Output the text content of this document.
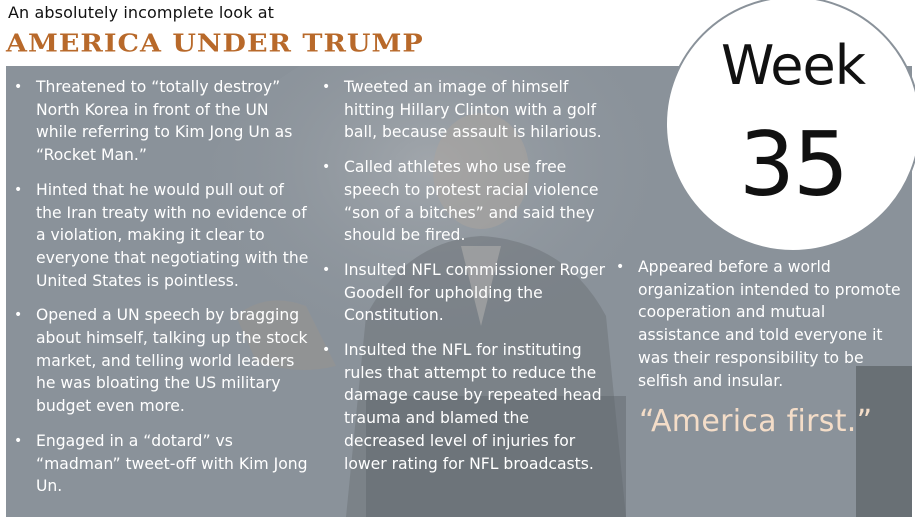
An absolutely incomplete look at
AMERICA UNDER TRUMP
• Threatened to “totally destroy” North Korea in front of the UN while referring to Kim Jong Un as “Rocket Man.”
• Hinted that he would pull out of the Iran treaty with no evidence of a violation, making it clear to everyone that negotiating with the United States is pointless.
• Opened a UN speech by bragging about himself, talking up the stock market, and telling world leaders he was bloating the US military budget even more.
• Engaged in a “dotard” vs “madman” tweet-off with Kim Jong Un.
• Tweeted an image of himself hitting Hillary Clinton with a golf ball, because assault is hilarious.
• Called athletes who use free speech to protest racial violence “son of a bitches” and said they should be fired.
• Insulted NFL commissioner Roger Goodell for upholding the Constitution.
• Insulted the NFL for instituting rules that attempt to reduce the damage cause by repeated head trauma and blamed the decreased level of injuries for lower rating for NFL broadcasts.
• Appeared before a world organization intended to promote cooperation and mutual assistance and told everyone it was their responsibility to be selfish and insular.
“America first.”
Week
35
